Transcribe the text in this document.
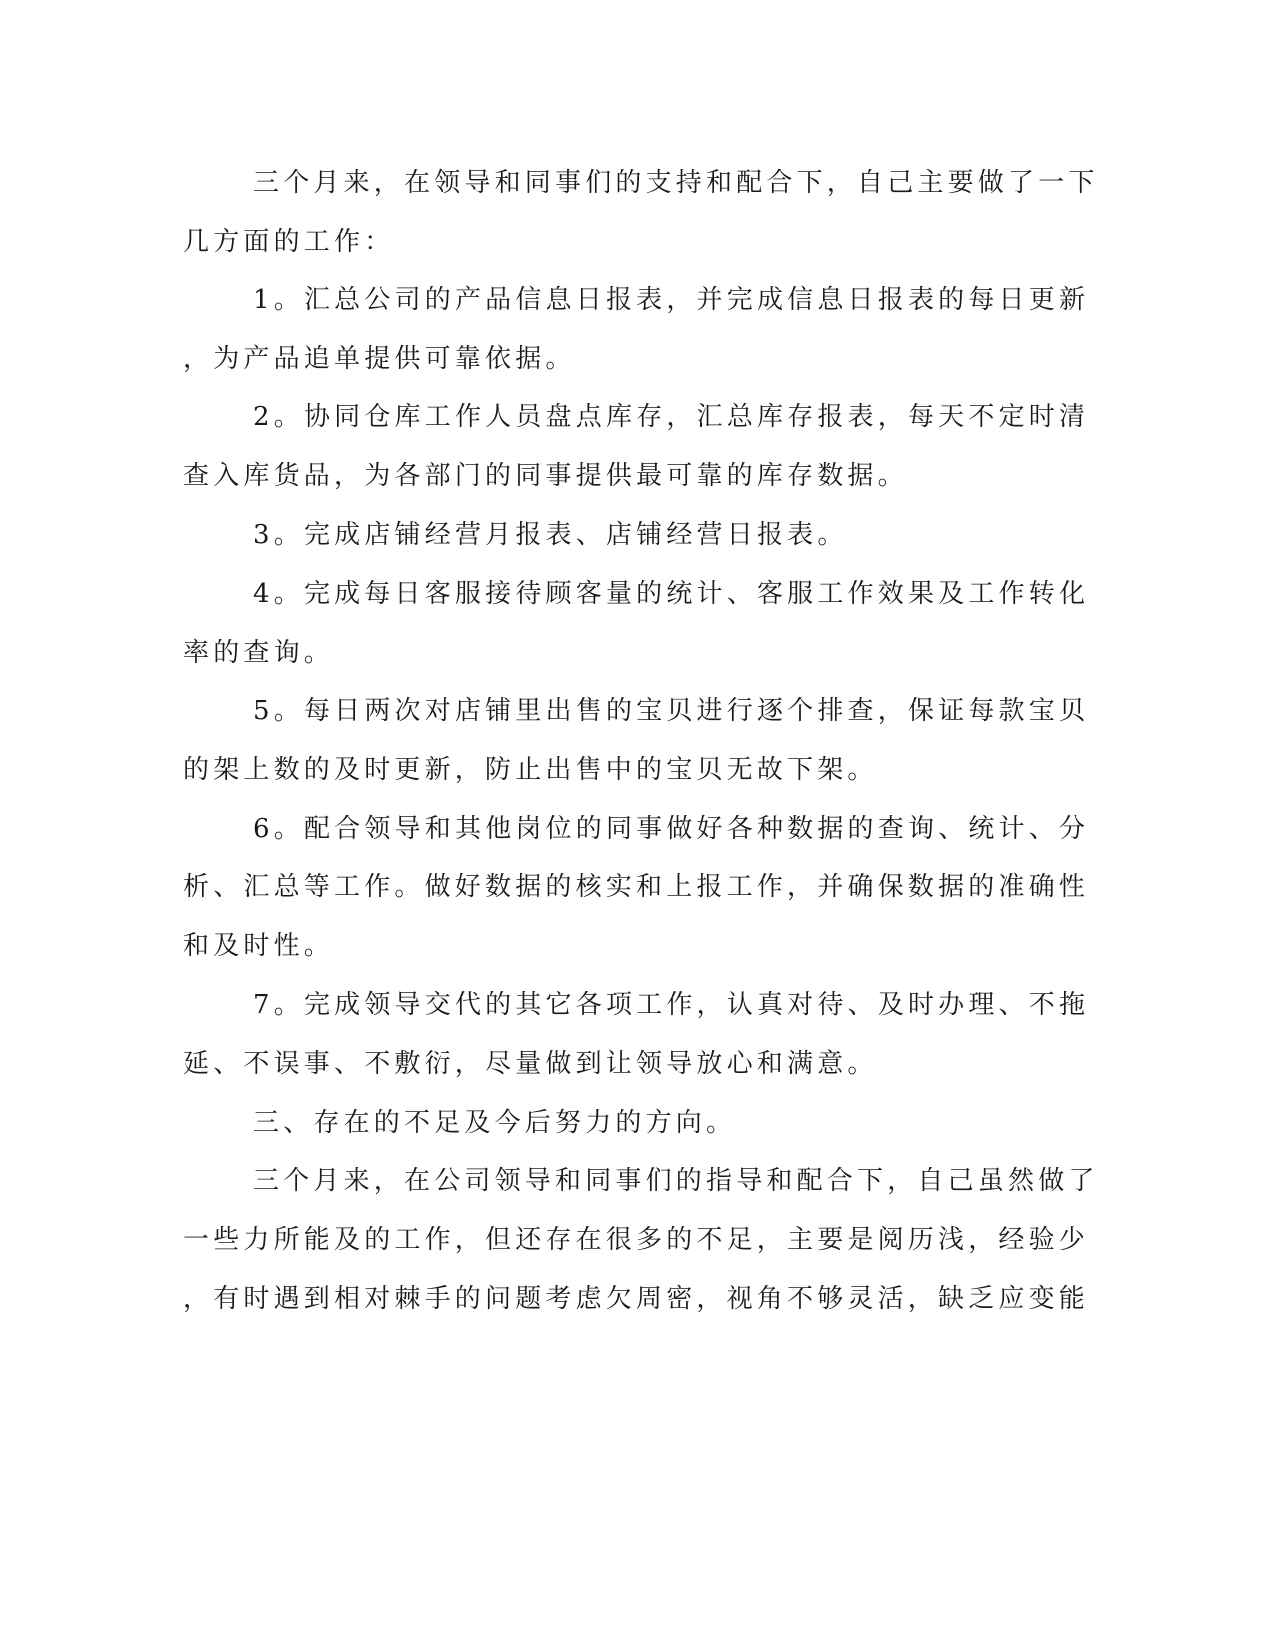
三个月来，在领导和同事们的支持和配合下，自己主要做了一下
几方面的工作：
1。汇总公司的产品信息日报表，并完成信息日报表的每日更新
，为产品追单提供可靠依据。
2。协同仓库工作人员盘点库存，汇总库存报表，每天不定时清
查入库货品，为各部门的同事提供最可靠的库存数据。
3。完成店铺经营月报表、店铺经营日报表。
4。完成每日客服接待顾客量的统计、客服工作效果及工作转化
率的查询。
5。每日两次对店铺里出售的宝贝进行逐个排查，保证每款宝贝
的架上数的及时更新，防止出售中的宝贝无故下架。
6。配合领导和其他岗位的同事做好各种数据的查询、统计、分
析、汇总等工作。做好数据的核实和上报工作，并确保数据的准确性
和及时性。
7。完成领导交代的其它各项工作，认真对待、及时办理、不拖
延、不误事、不敷衍，尽量做到让领导放心和满意。
三、存在的不足及今后努力的方向。
三个月来，在公司领导和同事们的指导和配合下，自己虽然做了
一些力所能及的工作，但还存在很多的不足，主要是阅历浅，经验少
，有时遇到相对棘手的问题考虑欠周密，视角不够灵活，缺乏应变能
